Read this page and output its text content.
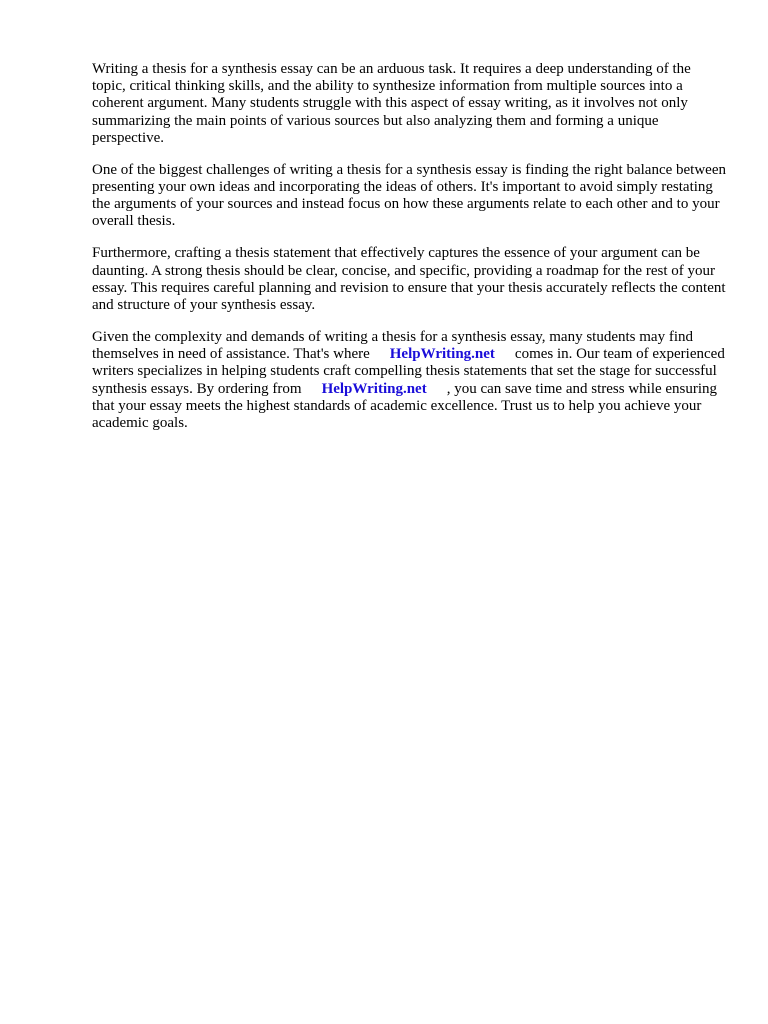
Writing a thesis for a synthesis essay can be an arduous task. It requires a deep understanding of the topic, critical thinking skills, and the ability to synthesize information from multiple sources into a coherent argument. Many students struggle with this aspect of essay writing, as it involves not only summarizing the main points of various sources but also analyzing them and forming a unique perspective.

One of the biggest challenges of writing a thesis for a synthesis essay is finding the right balance between presenting your own ideas and incorporating the ideas of others. It's important to avoid simply restating the arguments of your sources and instead focus on how these arguments relate to each other and to your overall thesis.

Furthermore, crafting a thesis statement that effectively captures the essence of your argument can be daunting. A strong thesis should be clear, concise, and specific, providing a roadmap for the rest of your essay. This requires careful planning and revision to ensure that your thesis accurately reflects the content and structure of your synthesis essay.

Given the complexity and demands of writing a thesis for a synthesis essay, many students may find themselves in need of assistance. That's where HelpWriting.net comes in. Our team of experienced writers specializes in helping students craft compelling thesis statements that set the stage for successful synthesis essays. By ordering from HelpWriting.net , you can save time and stress while ensuring that your essay meets the highest standards of academic excellence. Trust us to help you achieve your academic goals.
